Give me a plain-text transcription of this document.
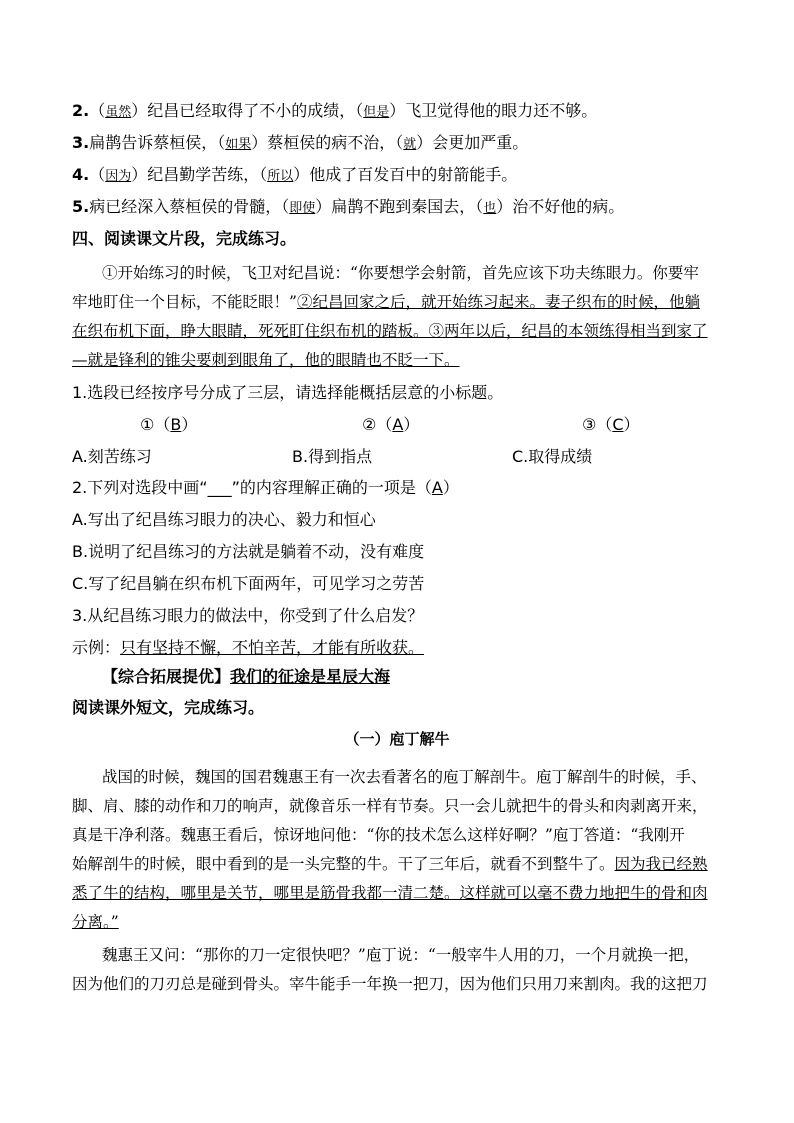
2.（虽然）纪昌已经取得了不小的成绩，（但是）飞卫觉得他的眼力还不够。
3.扁鹊告诉蔡桓侯，（如果）蔡桓侯的病不治，（就）会更加严重。
4.（因为）纪昌勤学苦练，（所以）他成了百发百中的射箭能手。
5.病已经深入蔡桓侯的骨髓，（即使）扁鹊不跑到秦国去，（也）治不好他的病。
四、阅读课文片段，完成练习。
①开始练习的时候，飞卫对纪昌说：“你要想学会射箭，首先应该下功夫练眼力。你要牢
牢地盯住一个目标，不能眨眼！”②纪昌回家之后，就开始练习起来。妻子织布的时候，他躺
在织布机下面，睁大眼睛，死死盯住织布机的踏板。③两年以后，纪昌的本领练得相当到家了
—就是锋利的锥尖要刺到眼角了，他的眼睛也不眨一下。
1.选段已经按序号分成了三层，请选择能概括层意的小标题。
①（B）	②（A）	③（C）
A.刻苦练习	B.得到指点	C.取得成绩
2.下列对选段中画“___”的内容理解正确的一项是（A）
A.写出了纪昌练习眼力的决心、毅力和恒心
B.说明了纪昌练习的方法就是躺着不动，没有难度
C.写了纪昌躺在织布机下面两年，可见学习之劳苦
3.从纪昌练习眼力的做法中，你受到了什么启发？
示例：只有坚持不懈，不怕辛苦，才能有所收获。
【综合拓展提优】我们的征途是星辰大海
阅读课外短文，完成练习。
（一）庖丁解牛
战国的时候，魏国的国君魏惠王有一次去看著名的庖丁解剖牛。庖丁解剖牛的时候，手、
脚、肩、膝的动作和刀的响声，就像音乐一样有节奏。只一会儿就把牛的骨头和肉剥离开来，
真是干净利落。魏惠王看后，惊讶地问他：“你的技术怎么这样好啊？”庖丁答道：“我刚开
始解剖牛的时候，眼中看到的是一头完整的牛。干了三年后，就看不到整牛了。因为我已经熟
悉了牛的结构，哪里是关节，哪里是筋骨我都一清二楚。这样就可以毫不费力地把牛的骨和肉
分离。”
魏惠王又问：“那你的刀一定很快吧？”庖丁说：“一般宰牛人用的刀，一个月就换一把，
因为他们的刀刃总是碰到骨头。宰牛能手一年换一把刀，因为他们只用刀来割肉。我的这把刀
